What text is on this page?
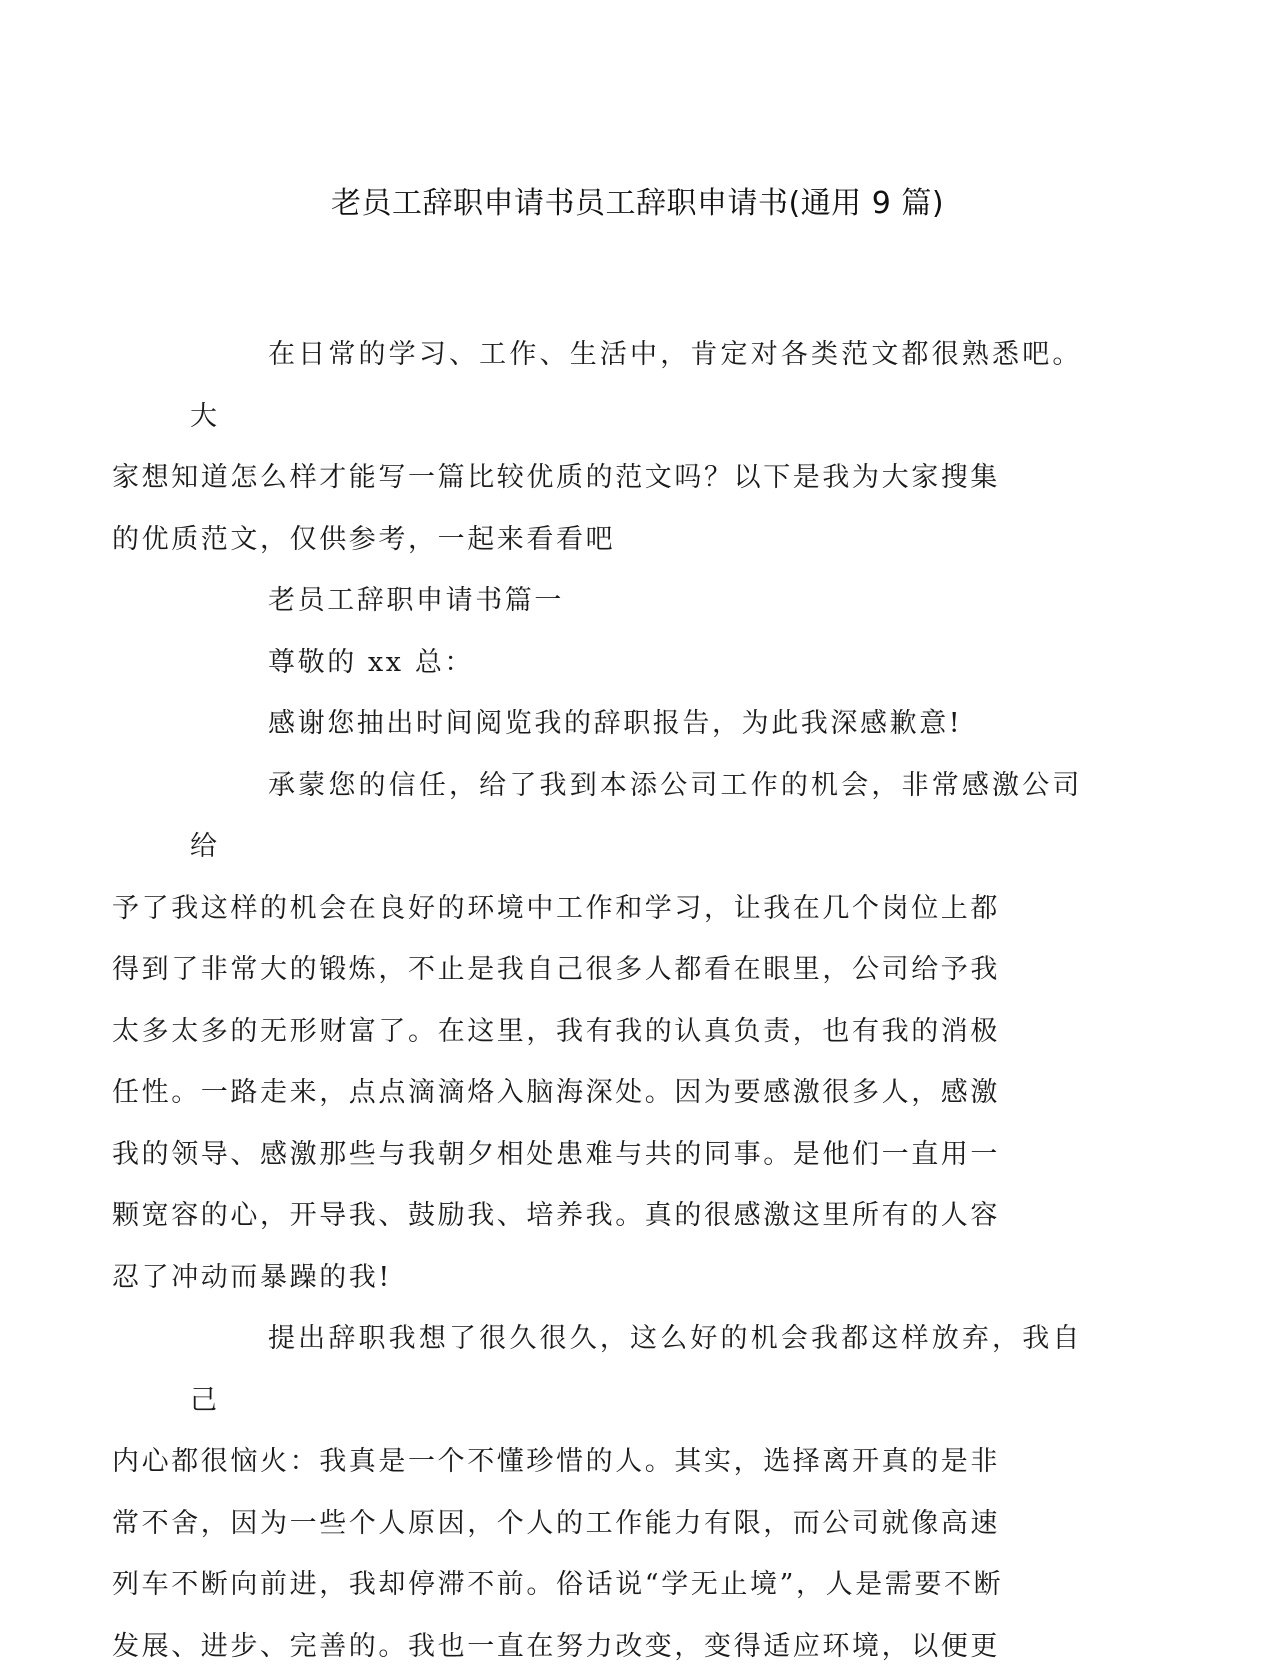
老员工辞职申请书员工辞职申请书(通用 9 篇)

在日常的学习、工作、生活中，肯定对各类范文都很熟悉吧。大
家想知道怎么样才能写一篇比较优质的范文吗？以下是我为大家搜集
的优质范文，仅供参考，一起来看看吧

老员工辞职申请书篇一

尊敬的 xx 总：

感谢您抽出时间阅览我的辞职报告，为此我深感歉意!

承蒙您的信任，给了我到本添公司工作的机会，非常感激公司给
予了我这样的机会在良好的环境中工作和学习，让我在几个岗位上都
得到了非常大的锻炼，不止是我自己很多人都看在眼里，公司给予我
太多太多的无形财富了。在这里，我有我的认真负责，也有我的消极
任性。一路走来，点点滴滴烙入脑海深处。因为要感激很多人，感激
我的领导、感激那些与我朝夕相处患难与共的同事。是他们一直用一
颗宽容的心，开导我、鼓励我、培养我。真的很感激这里所有的人容
忍了冲动而暴躁的我!

提出辞职我想了很久很久，这么好的机会我都这样放弃，我自己
内心都很恼火：我真是一个不懂珍惜的人。其实，选择离开真的是非
常不舍，因为一些个人原因，个人的工作能力有限，而公司就像高速
列车不断向前进，我却停滞不前。俗话说“学无止境”，人是需要不断
发展、进步、完善的。我也一直在努力改变，变得适应环境，以便更
